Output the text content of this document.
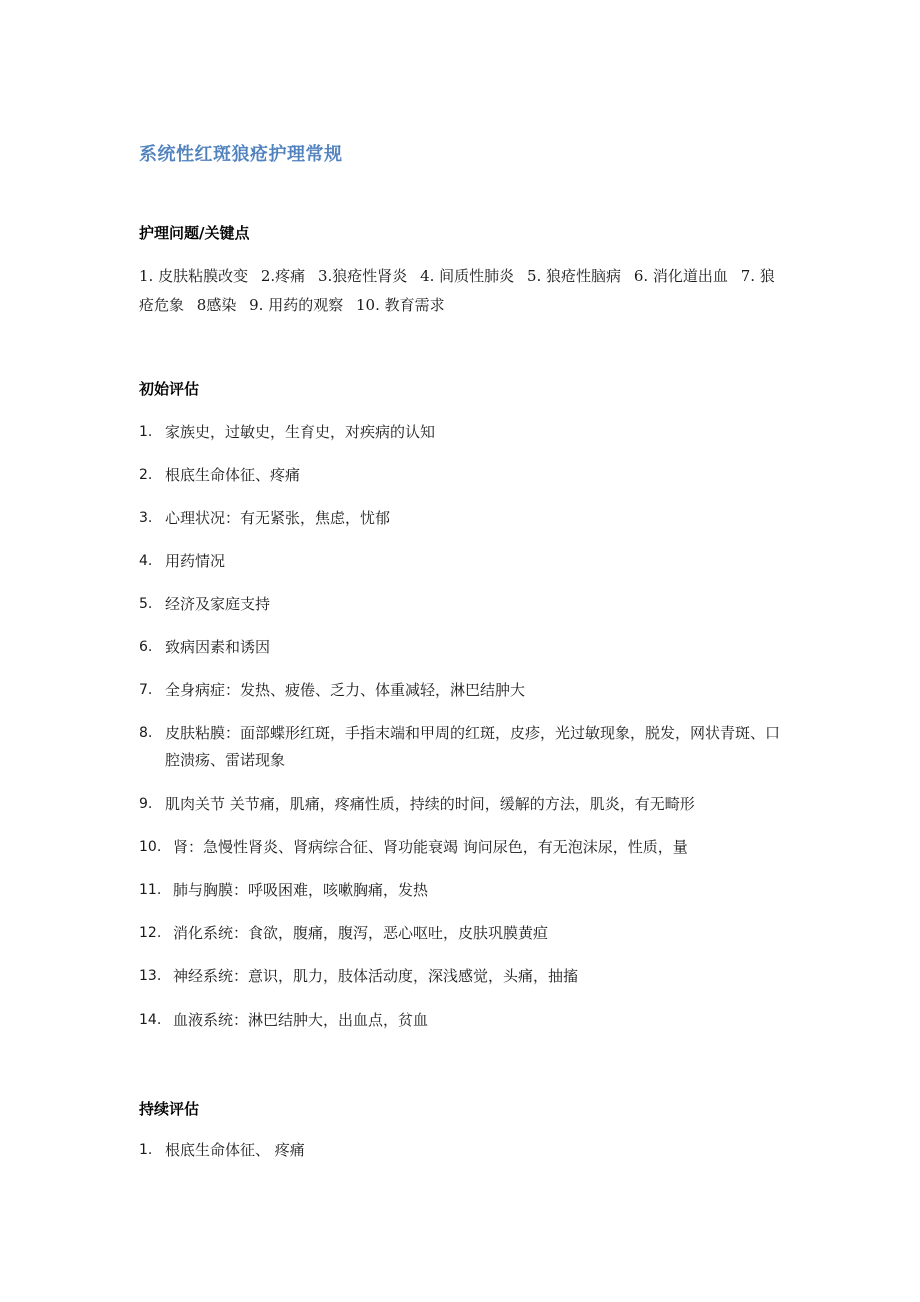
系统性红斑狼疮护理常规
护理问题/关键点

1. 皮肤粘膜改变 2.疼痛 3.狼疮性肾炎 4. 间质性肺炎 5. 狼疮性脑病 6. 消化道出血 7. 狼疮危象 8感染 9. 用药的观察 10. 教育需求

初始评估
1. 家族史，过敏史，生育史，对疾病的认知
2. 根底生命体征、疼痛
3. 心理状况：有无紧张，焦虑，忧郁
4. 用药情况
5. 经济及家庭支持
6. 致病因素和诱因
7. 全身病症：发热、疲倦、乏力、体重减轻，淋巴结肿大
8. 皮肤粘膜：面部蝶形红斑，手指末端和甲周的红斑，皮疹，光过敏现象，脱发，网状青斑、口腔溃疡、雷诺现象
9. 肌肉关节 关节痛，肌痛，疼痛性质，持续的时间，缓解的方法，肌炎，有无畸形
10. 肾：急慢性肾炎、肾病综合征、肾功能衰竭 询问尿色，有无泡沫尿，性质，量
11. 肺与胸膜：呼吸困难，咳嗽胸痛，发热
12. 消化系统：食欲，腹痛，腹泻，恶心呕吐，皮肤巩膜黄疸
13. 神经系统：意识，肌力，肢体活动度，深浅感觉，头痛，抽搐
14. 血液系统：淋巴结肿大，出血点，贫血
持续评估
1. 根底生命体征、 疼痛
